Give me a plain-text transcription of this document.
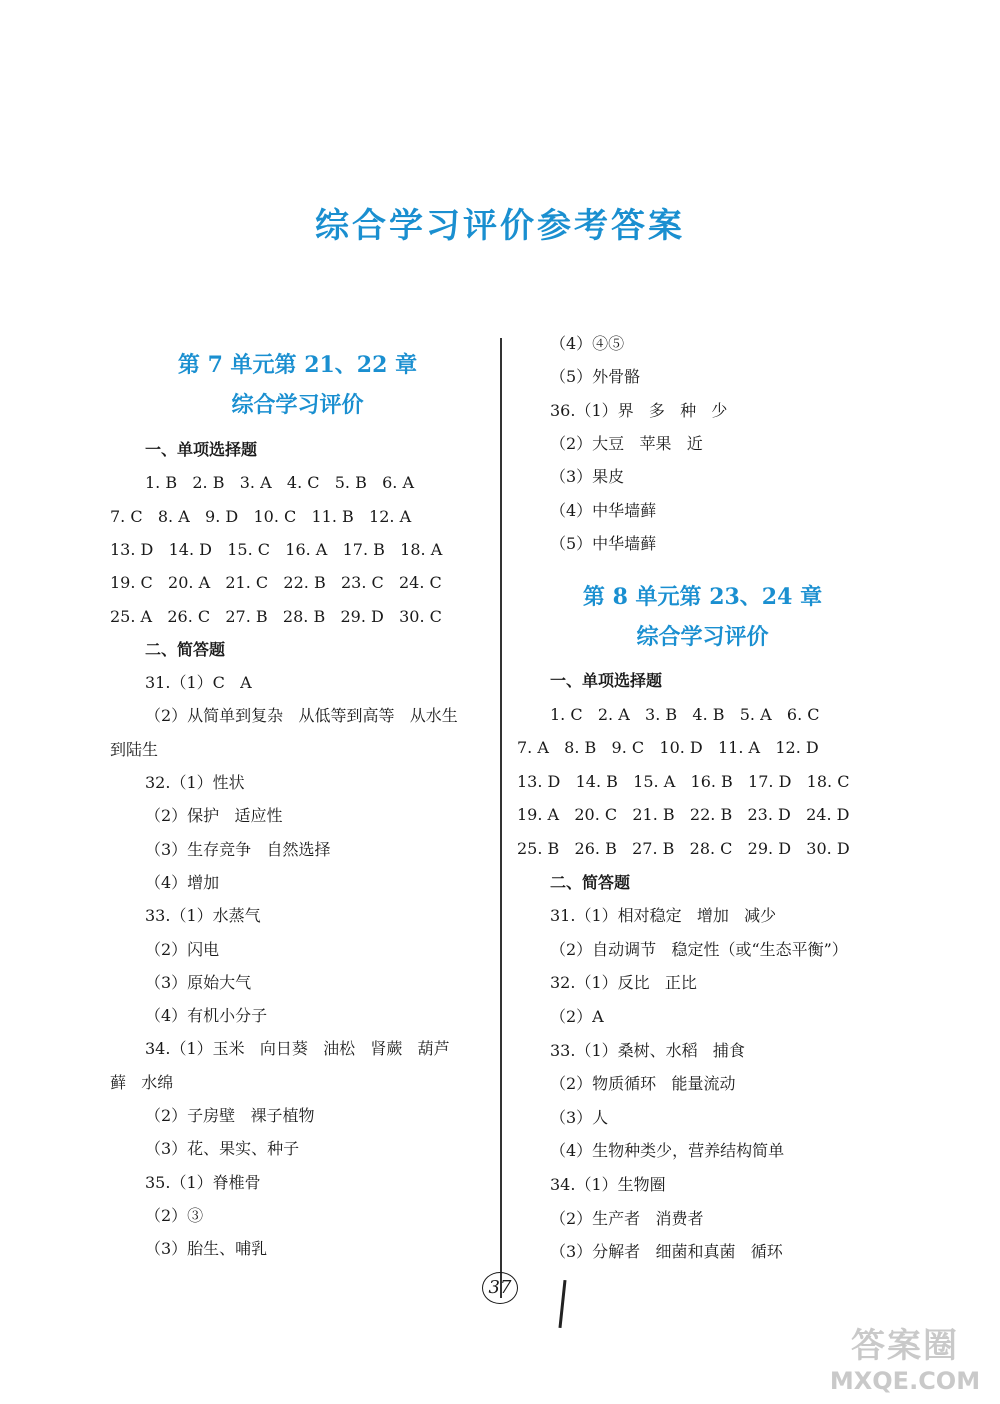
综合学习评价参考答案
第 7 单元第 21、22 章
综合学习评价
一、单项选择题
1. B   2. B   3. A   4. C   5. B   6. A
7. C   8. A   9. D   10. C   11. B   12. A
13. D   14. D   15. C   16. A   17. B   18. A
19. C   20. A   21. C   22. B   23. C   24. C
25. A   26. C   27. B   28. B   29. D   30. C
二、简答题
31.（1）C   A
（2）从简单到复杂   从低等到高等   从水生
到陆生
32.（1）性状
（2）保护   适应性
（3）生存竞争   自然选择
（4）增加
33.（1）水蒸气
（2）闪电
（3）原始大气
（4）有机小分子
34.（1）玉米   向日葵   油松   肾蕨   葫芦
藓   水绵
（2）子房壁   裸子植物
（3）花、果实、种子
35.（1）脊椎骨
（2）③
（3）胎生、哺乳
（4）④⑤
（5）外骨骼
36.（1）界   多   种   少
（2）大豆   苹果   近
（3）果皮
（4）中华墙藓
（5）中华墙藓
第 8 单元第 23、24 章
综合学习评价
一、单项选择题
1. C   2. A   3. B   4. B   5. A   6. C
7. A   8. B   9. C   10. D   11. A   12. D
13. D   14. B   15. A   16. B   17. D   18. C
19. A   20. C   21. B   22. B   23. D   24. D
25. B   26. B   27. B   28. C   29. D   30. D
二、简答题
31.（1）相对稳定   增加   减少
（2）自动调节   稳定性（或“生态平衡”）
32.（1）反比   正比
（2）A
33.（1）桑树、水稻   捕食
（2）物质循环   能量流动
（3）人
（4）生物种类少，营养结构简单
34.（1）生物圈
（2）生产者   消费者
（3）分解者   细菌和真菌   循环
37
答案圈
MXQE.COM
